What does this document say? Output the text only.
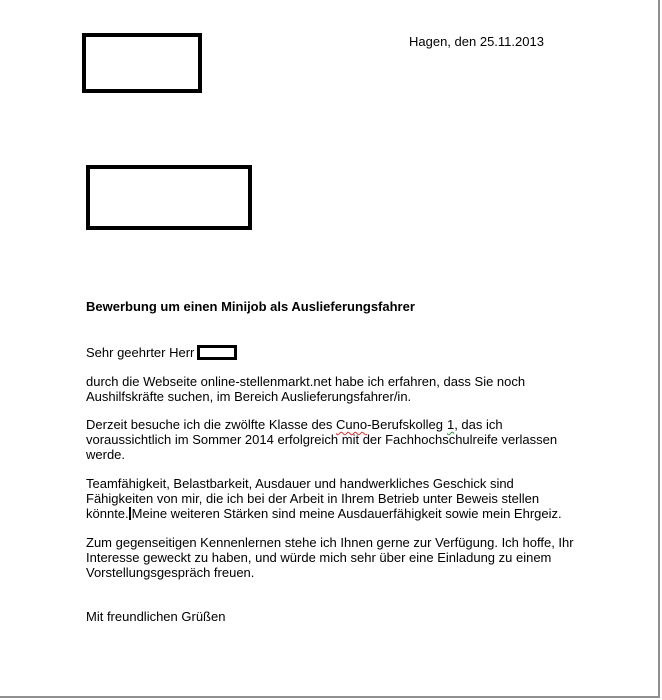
Hagen, den 25.11.2013
Bewerbung um einen Minijob als Auslieferungsfahrer
Sehr geehrter Herr
durch die Webseite online-stellenmarkt.net habe ich erfahren, dass Sie noch
Aushilfskräfte suchen, im Bereich Auslieferungsfahrer/in.
Derzeit besuche ich die zwölfte Klasse des Cuno-Berufskolleg 1, das ich
voraussichtlich im Sommer 2014 erfolgreich mit der Fachhochschulreife verlassen
werde.
Teamfähigkeit, Belastbarkeit, Ausdauer und handwerkliches Geschick sind
Fähigkeiten von mir, die ich bei der Arbeit in Ihrem Betrieb unter Beweis stellen
könnte. Meine weiteren Stärken sind meine Ausdauerfähigkeit sowie mein Ehrgeiz.
Zum gegenseitigen Kennenlernen stehe ich Ihnen gerne zur Verfügung. Ich hoffe, Ihr
Interesse geweckt zu haben, und würde mich sehr über eine Einladung zu einem
Vorstellungsgespräch freuen.
Mit freundlichen Grüßen
